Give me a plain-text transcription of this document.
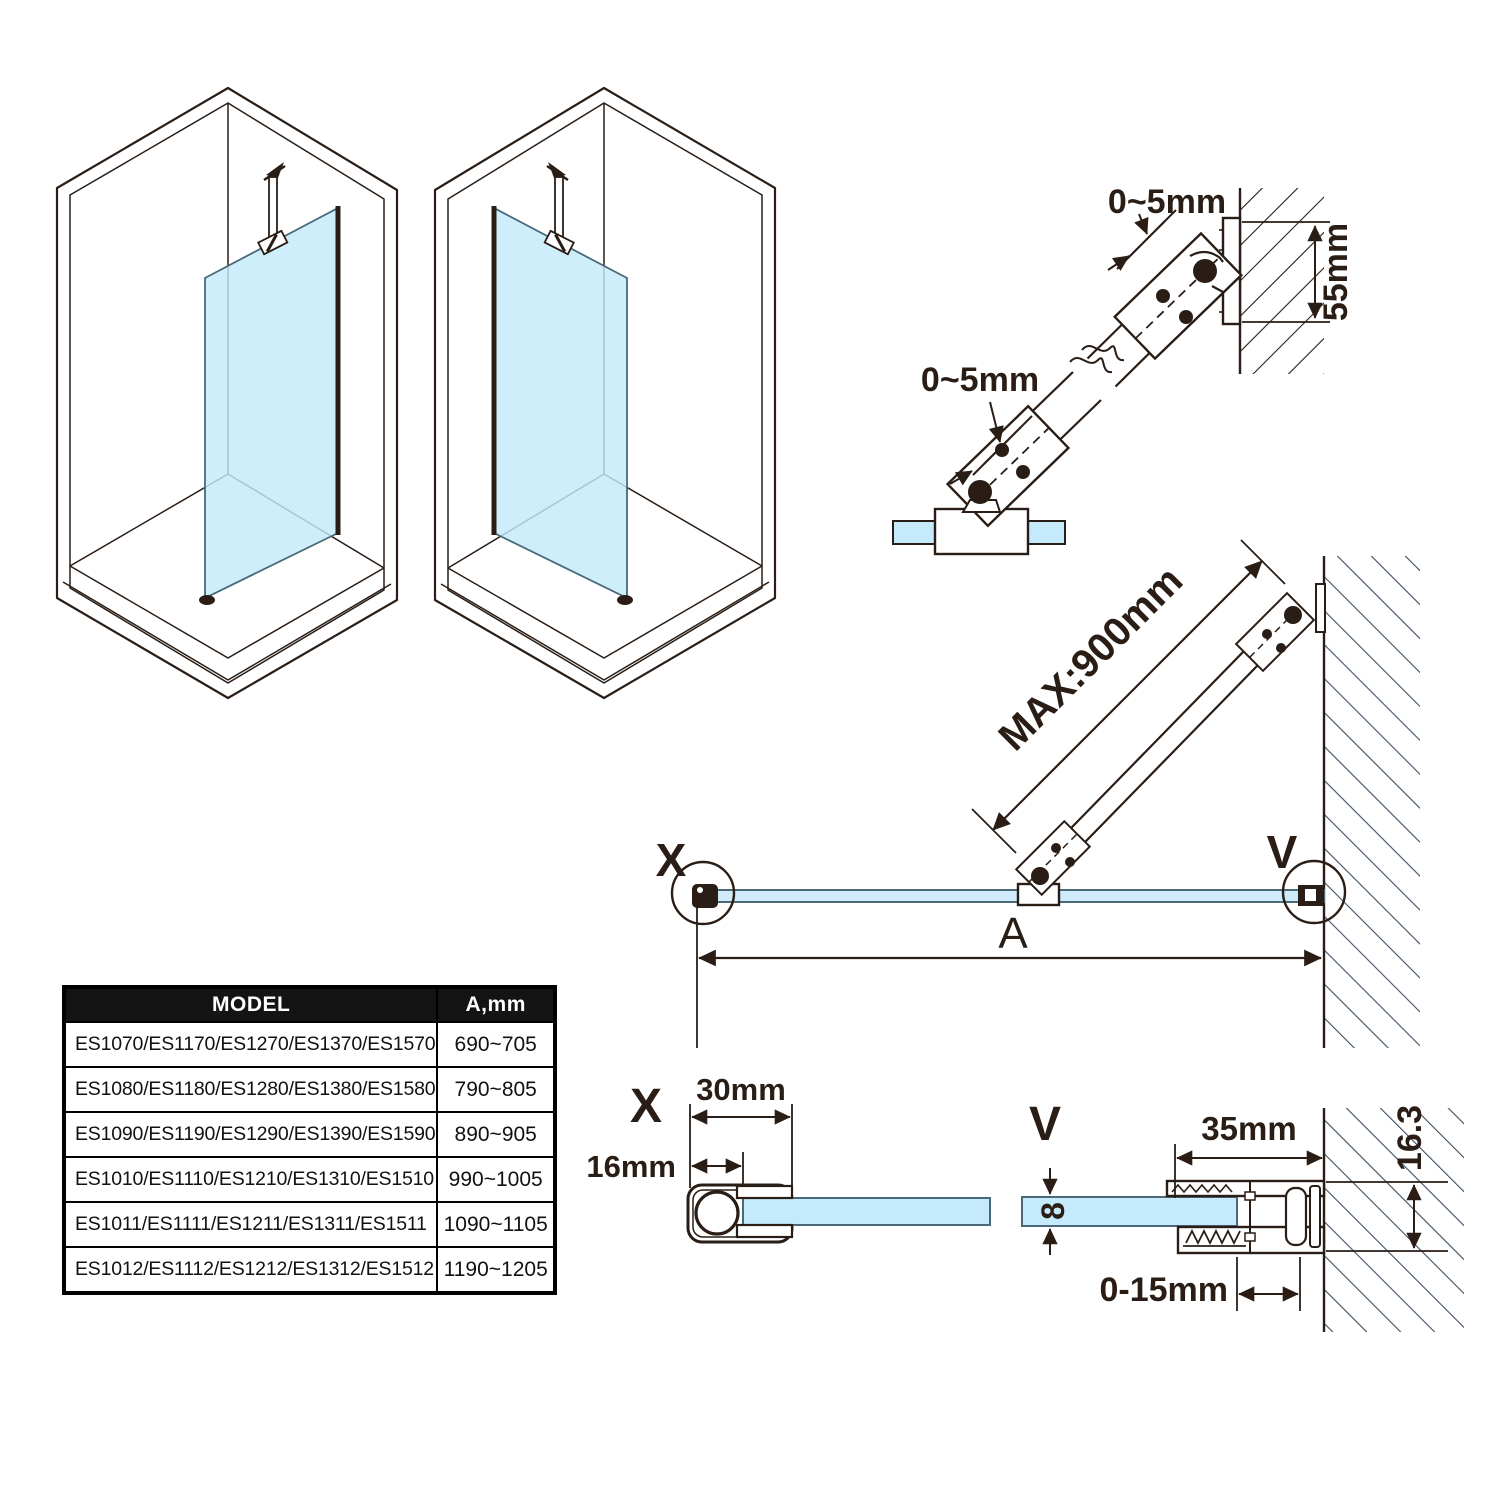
0~5mm
0~5mm
55mm
X	V
MAX:900mm
A
X 30mm
16mm
V	35mm
8
0-15mm
16.3
MODEL	A,mm
ES1070/ES1170/ES1270/ES1370/ES1570	690~705
ES1080/ES1180/ES1280/ES1380/ES1580	790~805
ES1090/ES1190/ES1290/ES1390/ES1590	890~905
ES1010/ES1110/ES1210/ES1310/ES1510	990~1005
ES1011/ES1111/ES1211/ES1311/ES1511	1090~1105
ES1012/ES1112/ES1212/ES1312/ES1512	1190~1205
